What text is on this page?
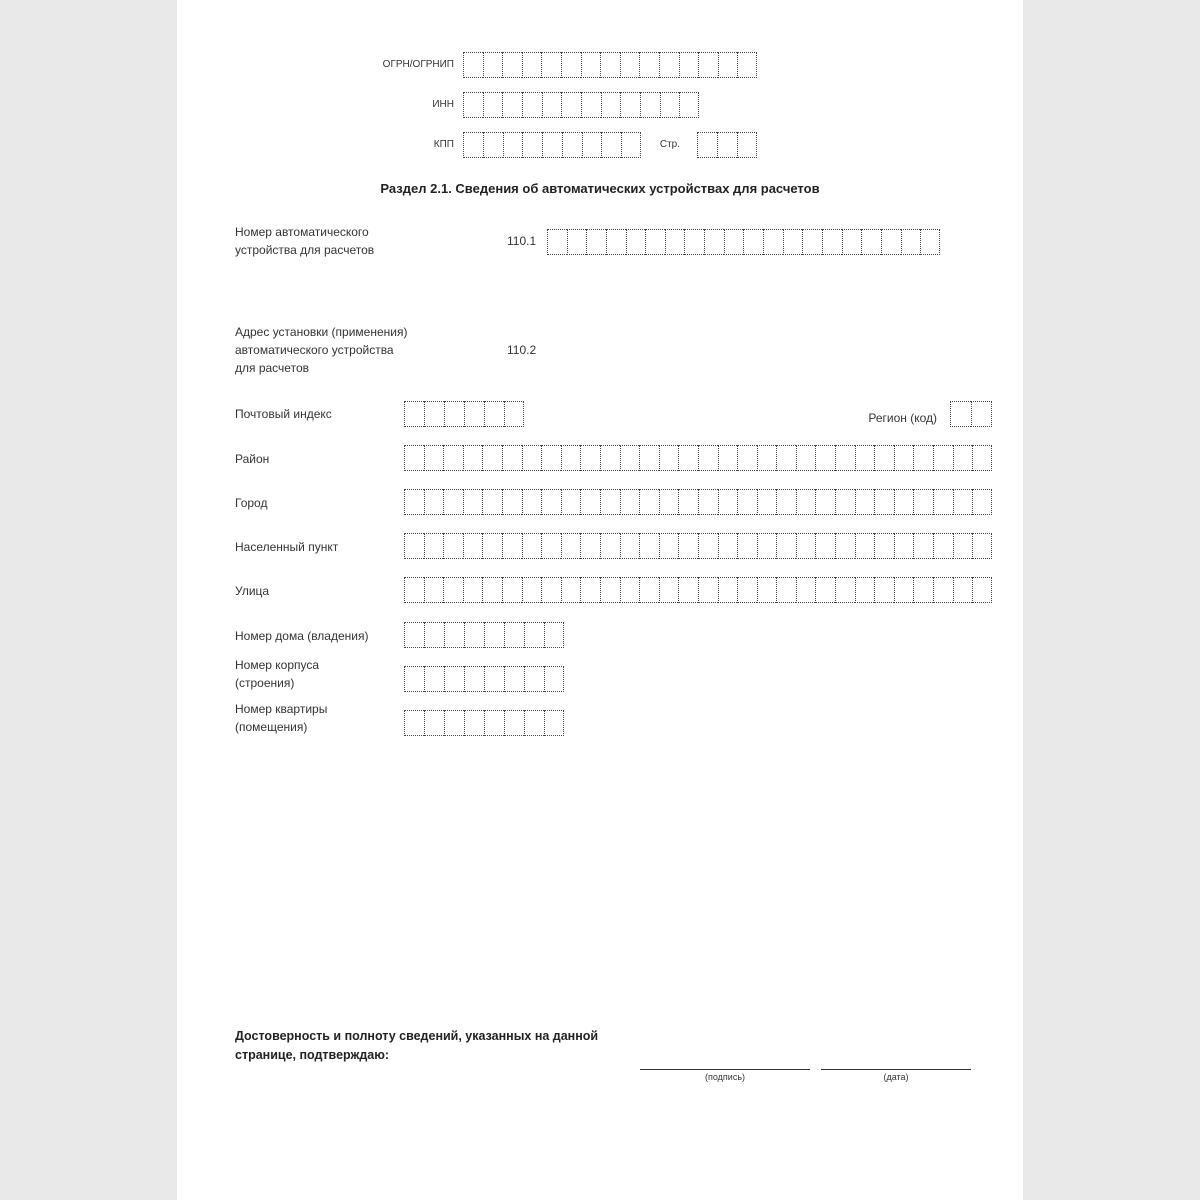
ОГРН/ОГРНИП
ИНН
КПП	Стр.
Раздел 2.1. Сведения об автоматических устройствах для расчетов
Номер автоматического
устройства для расчетов
110.1
Адрес установки (применения)
автоматического устройства
для расчетов
110.2
Почтовый индекс	Регион (код)
Район
Город
Населенный пункт
Улица
Номер дома (владения)
Номер корпуса
(строения)
Номер квартиры
(помещения)
Достоверность и полноту сведений, указанных на данной
странице, подтверждаю:
(подпись)	(дата)
